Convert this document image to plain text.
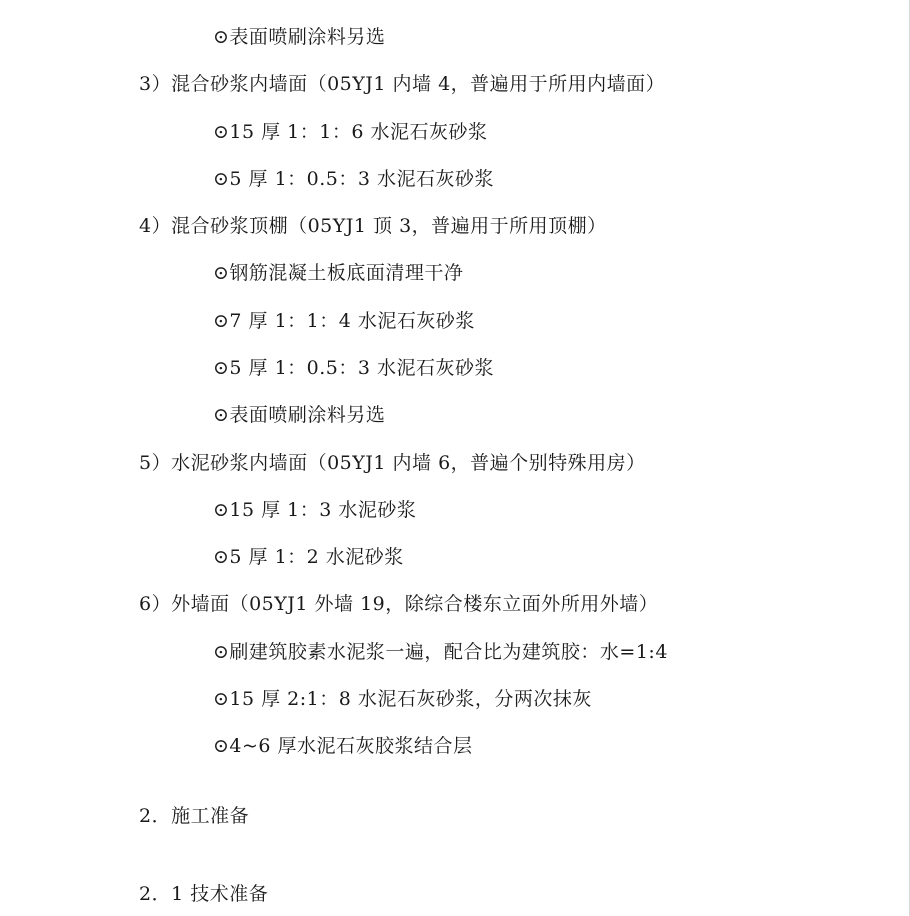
⊙表面喷刷涂料另选
3）混合砂浆内墙面（05YJ1 内墙 4，普遍用于所用内墙面）
⊙15 厚 1：1：6 水泥石灰砂浆
⊙5 厚 1：0.5：3 水泥石灰砂浆
4）混合砂浆顶棚（05YJ1 顶 3，普遍用于所用顶棚）
⊙钢筋混凝土板底面清理干净
⊙7 厚 1：1：4 水泥石灰砂浆
⊙5 厚 1：0.5：3 水泥石灰砂浆
⊙表面喷刷涂料另选
5）水泥砂浆内墙面（05YJ1 内墙 6，普遍个别特殊用房）
⊙15 厚 1：3 水泥砂浆
⊙5 厚 1：2 水泥砂浆
6）外墙面（05YJ1 外墙 19，除综合楼东立面外所用外墙）
⊙刷建筑胶素水泥浆一遍，配合比为建筑胶：水=1:4
⊙15 厚 2:1：8 水泥石灰砂浆，分两次抹灰
⊙4~6 厚水泥石灰胶浆结合层
2．施工准备
2．1 技术准备
